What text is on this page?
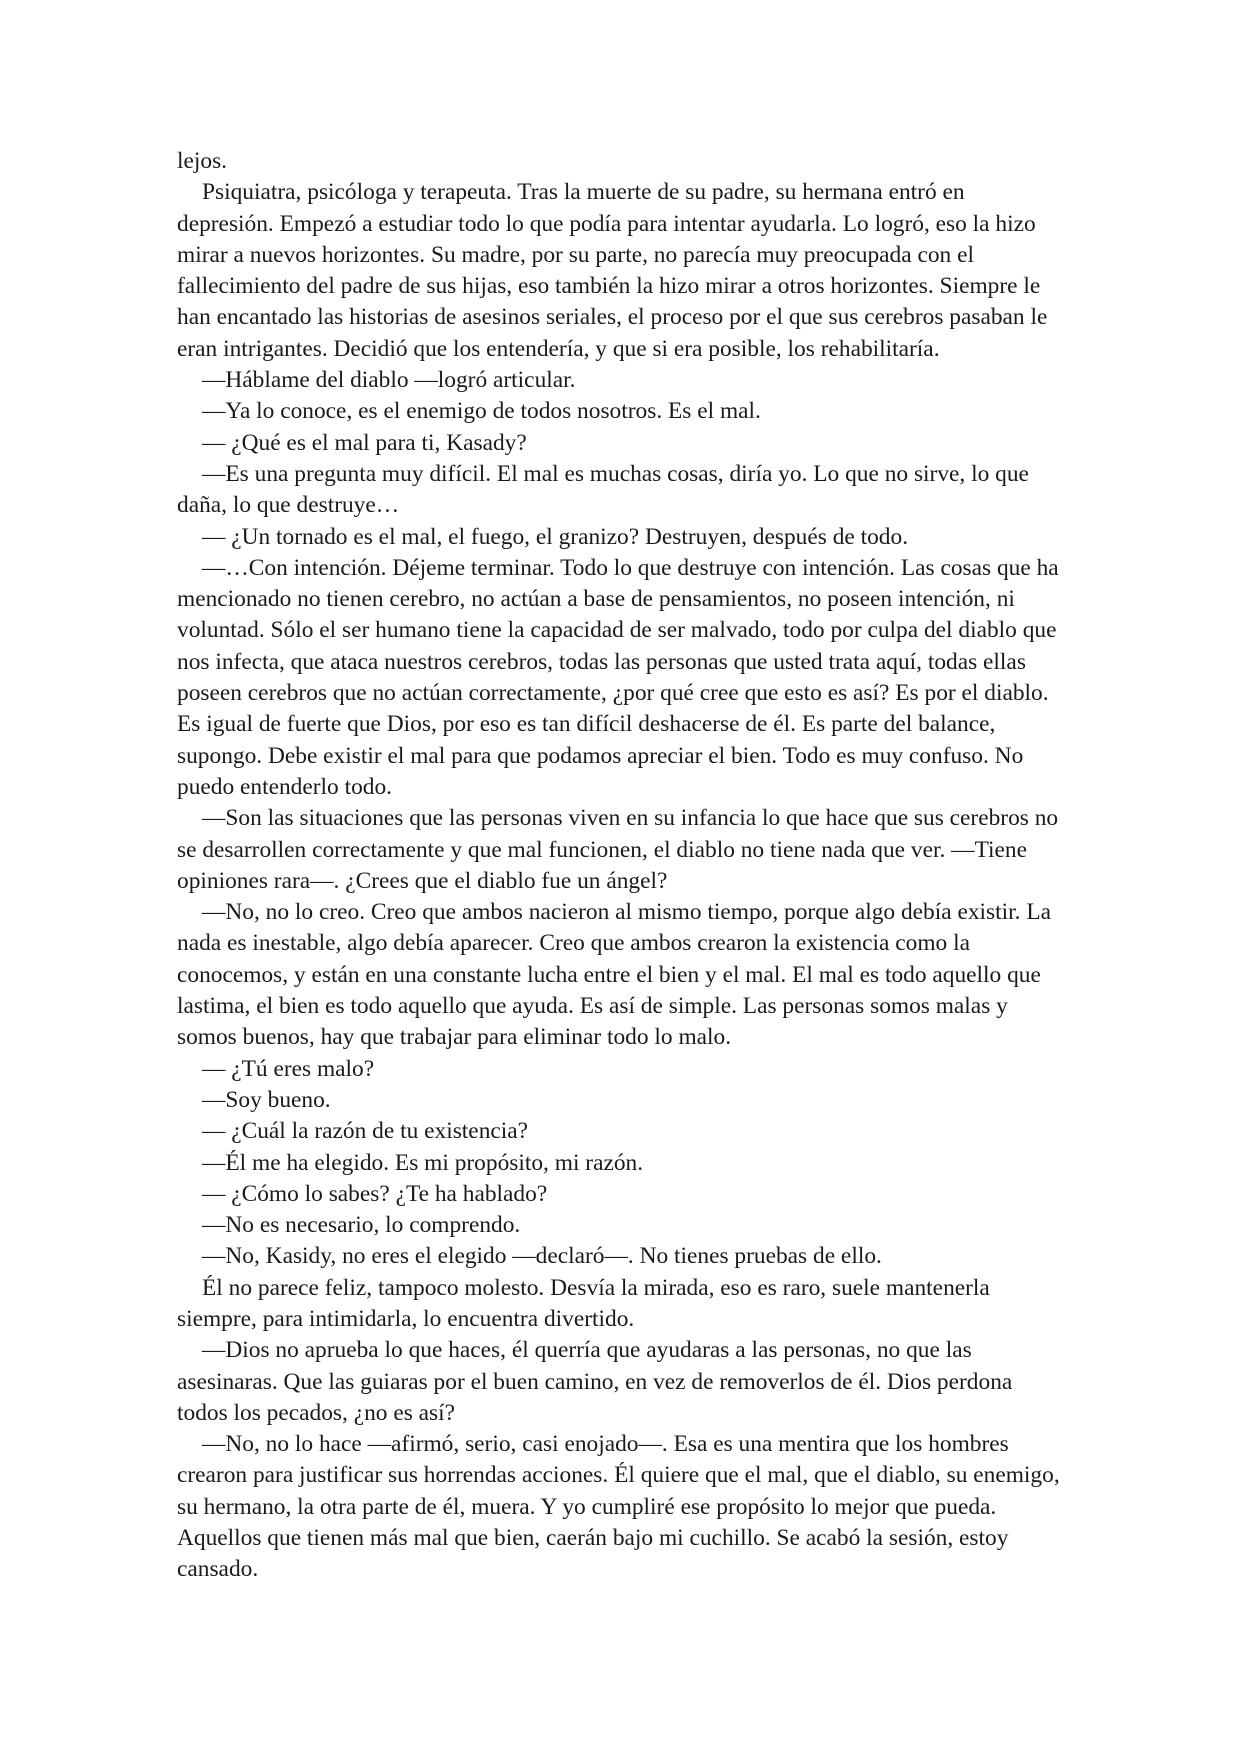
lejos.

Psiquiatra, psicóloga y terapeuta. Tras la muerte de su padre, su hermana entró en depresión. Empezó a estudiar todo lo que podía para intentar ayudarla. Lo logró, eso la hizo mirar a nuevos horizontes. Su madre, por su parte, no parecía muy preocupada con el fallecimiento del padre de sus hijas, eso también la hizo mirar a otros horizontes. Siempre le han encantado las historias de asesinos seriales, el proceso por el que sus cerebros pasaban le eran intrigantes. Decidió que los entendería, y que si era posible, los rehabilitaría.

—Háblame del diablo —logró articular.

—Ya lo conoce, es el enemigo de todos nosotros. Es el mal.

— ¿Qué es el mal para ti, Kasady?

—Es una pregunta muy difícil. El mal es muchas cosas, diría yo. Lo que no sirve, lo que daña, lo que destruye…

— ¿Un tornado es el mal, el fuego, el granizo? Destruyen, después de todo.

—…Con intención. Déjeme terminar. Todo lo que destruye con intención. Las cosas que ha mencionado no tienen cerebro, no actúan a base de pensamientos, no poseen intención, ni voluntad. Sólo el ser humano tiene la capacidad de ser malvado, todo por culpa del diablo que nos infecta, que ataca nuestros cerebros, todas las personas que usted trata aquí, todas ellas poseen cerebros que no actúan correctamente, ¿por qué cree que esto es así? Es por el diablo. Es igual de fuerte que Dios, por eso es tan difícil deshacerse de él. Es parte del balance, supongo. Debe existir el mal para que podamos apreciar el bien. Todo es muy confuso. No puedo entenderlo todo.

—Son las situaciones que las personas viven en su infancia lo que hace que sus cerebros no se desarrollen correctamente y que mal funcionen, el diablo no tiene nada que ver. —Tiene opiniones rara—. ¿Crees que el diablo fue un ángel?

—No, no lo creo. Creo que ambos nacieron al mismo tiempo, porque algo debía existir. La nada es inestable, algo debía aparecer. Creo que ambos crearon la existencia como la conocemos, y están en una constante lucha entre el bien y el mal. El mal es todo aquello que lastima, el bien es todo aquello que ayuda. Es así de simple. Las personas somos malas y somos buenos, hay que trabajar para eliminar todo lo malo.

— ¿Tú eres malo?

—Soy bueno.

— ¿Cuál la razón de tu existencia?

—Él me ha elegido. Es mi propósito, mi razón.

— ¿Cómo lo sabes? ¿Te ha hablado?

—No es necesario, lo comprendo.

—No, Kasidy, no eres el elegido —declaró—. No tienes pruebas de ello.

Él no parece feliz, tampoco molesto. Desvía la mirada, eso es raro, suele mantenerla siempre, para intimidarla, lo encuentra divertido.

—Dios no aprueba lo que haces, él querría que ayudaras a las personas, no que las asesinaras. Que las guiaras por el buen camino, en vez de removerlos de él. Dios perdona todos los pecados, ¿no es así?

—No, no lo hace —afirmó, serio, casi enojado—. Esa es una mentira que los hombres crearon para justificar sus horrendas acciones. Él quiere que el mal, que el diablo, su enemigo, su hermano, la otra parte de él, muera. Y yo cumpliré ese propósito lo mejor que pueda. Aquellos que tienen más mal que bien, caerán bajo mi cuchillo. Se acabó la sesión, estoy cansado.
